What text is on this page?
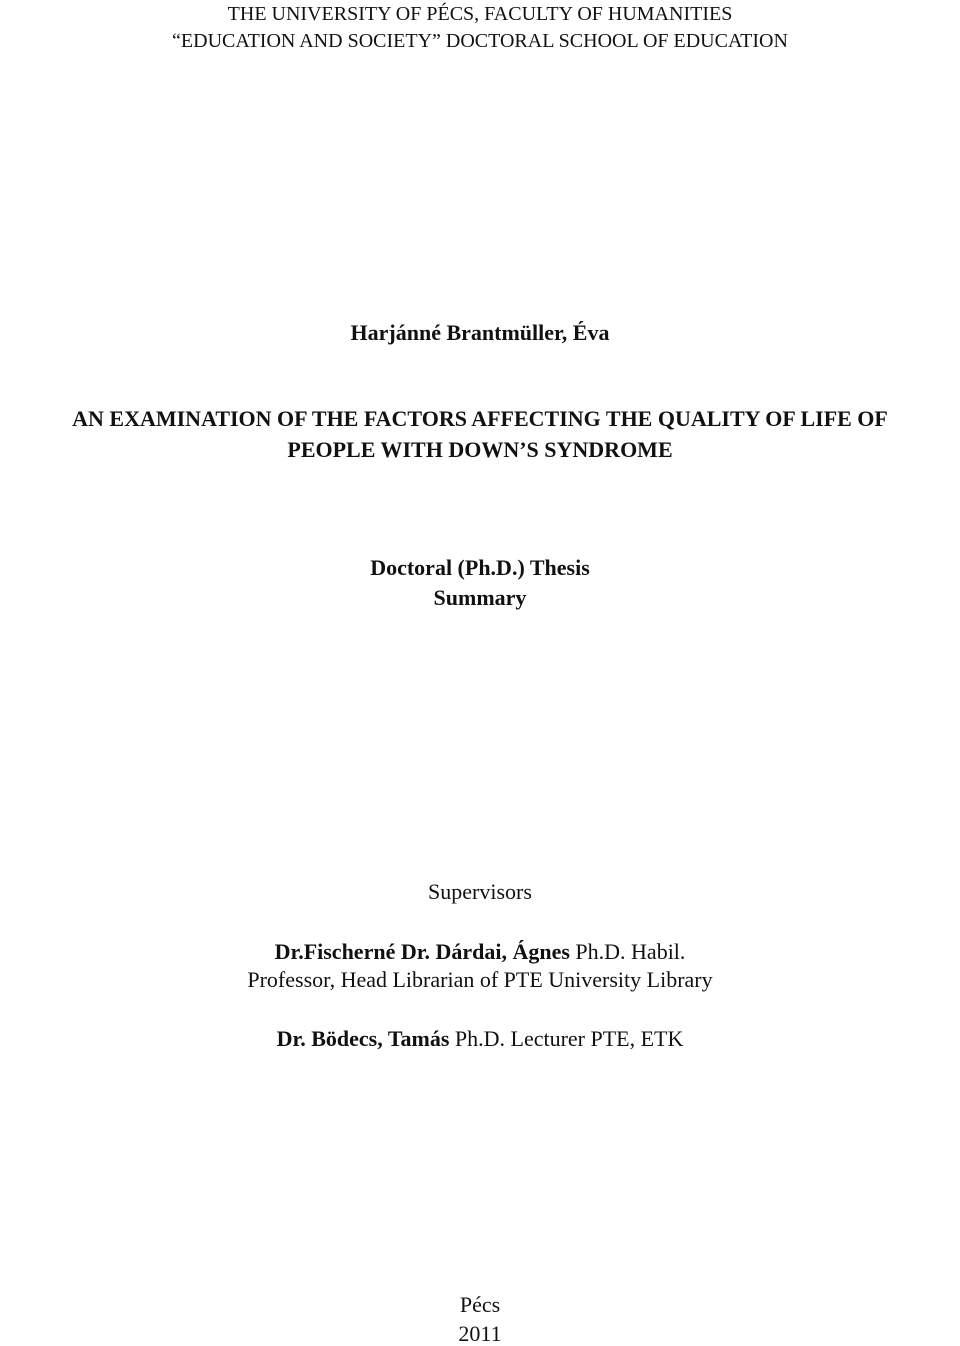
THE UNIVERSITY OF PÉCS, FACULTY OF HUMANITIES
“EDUCATION AND SOCIETY” DOCTORAL SCHOOL OF EDUCATION
Harjánné Brantmüller, Éva
AN EXAMINATION OF THE FACTORS AFFECTING THE QUALITY OF LIFE OF
PEOPLE WITH DOWN’S SYNDROME
Doctoral (Ph.D.) Thesis
Summary
Supervisors
Dr.Fischerné Dr. Dárdai, Ágnes Ph.D. Habil.
Professor, Head Librarian of PTE University Library
Dr. Bödecs, Tamás Ph.D. Lecturer PTE, ETK
Pécs
2011
